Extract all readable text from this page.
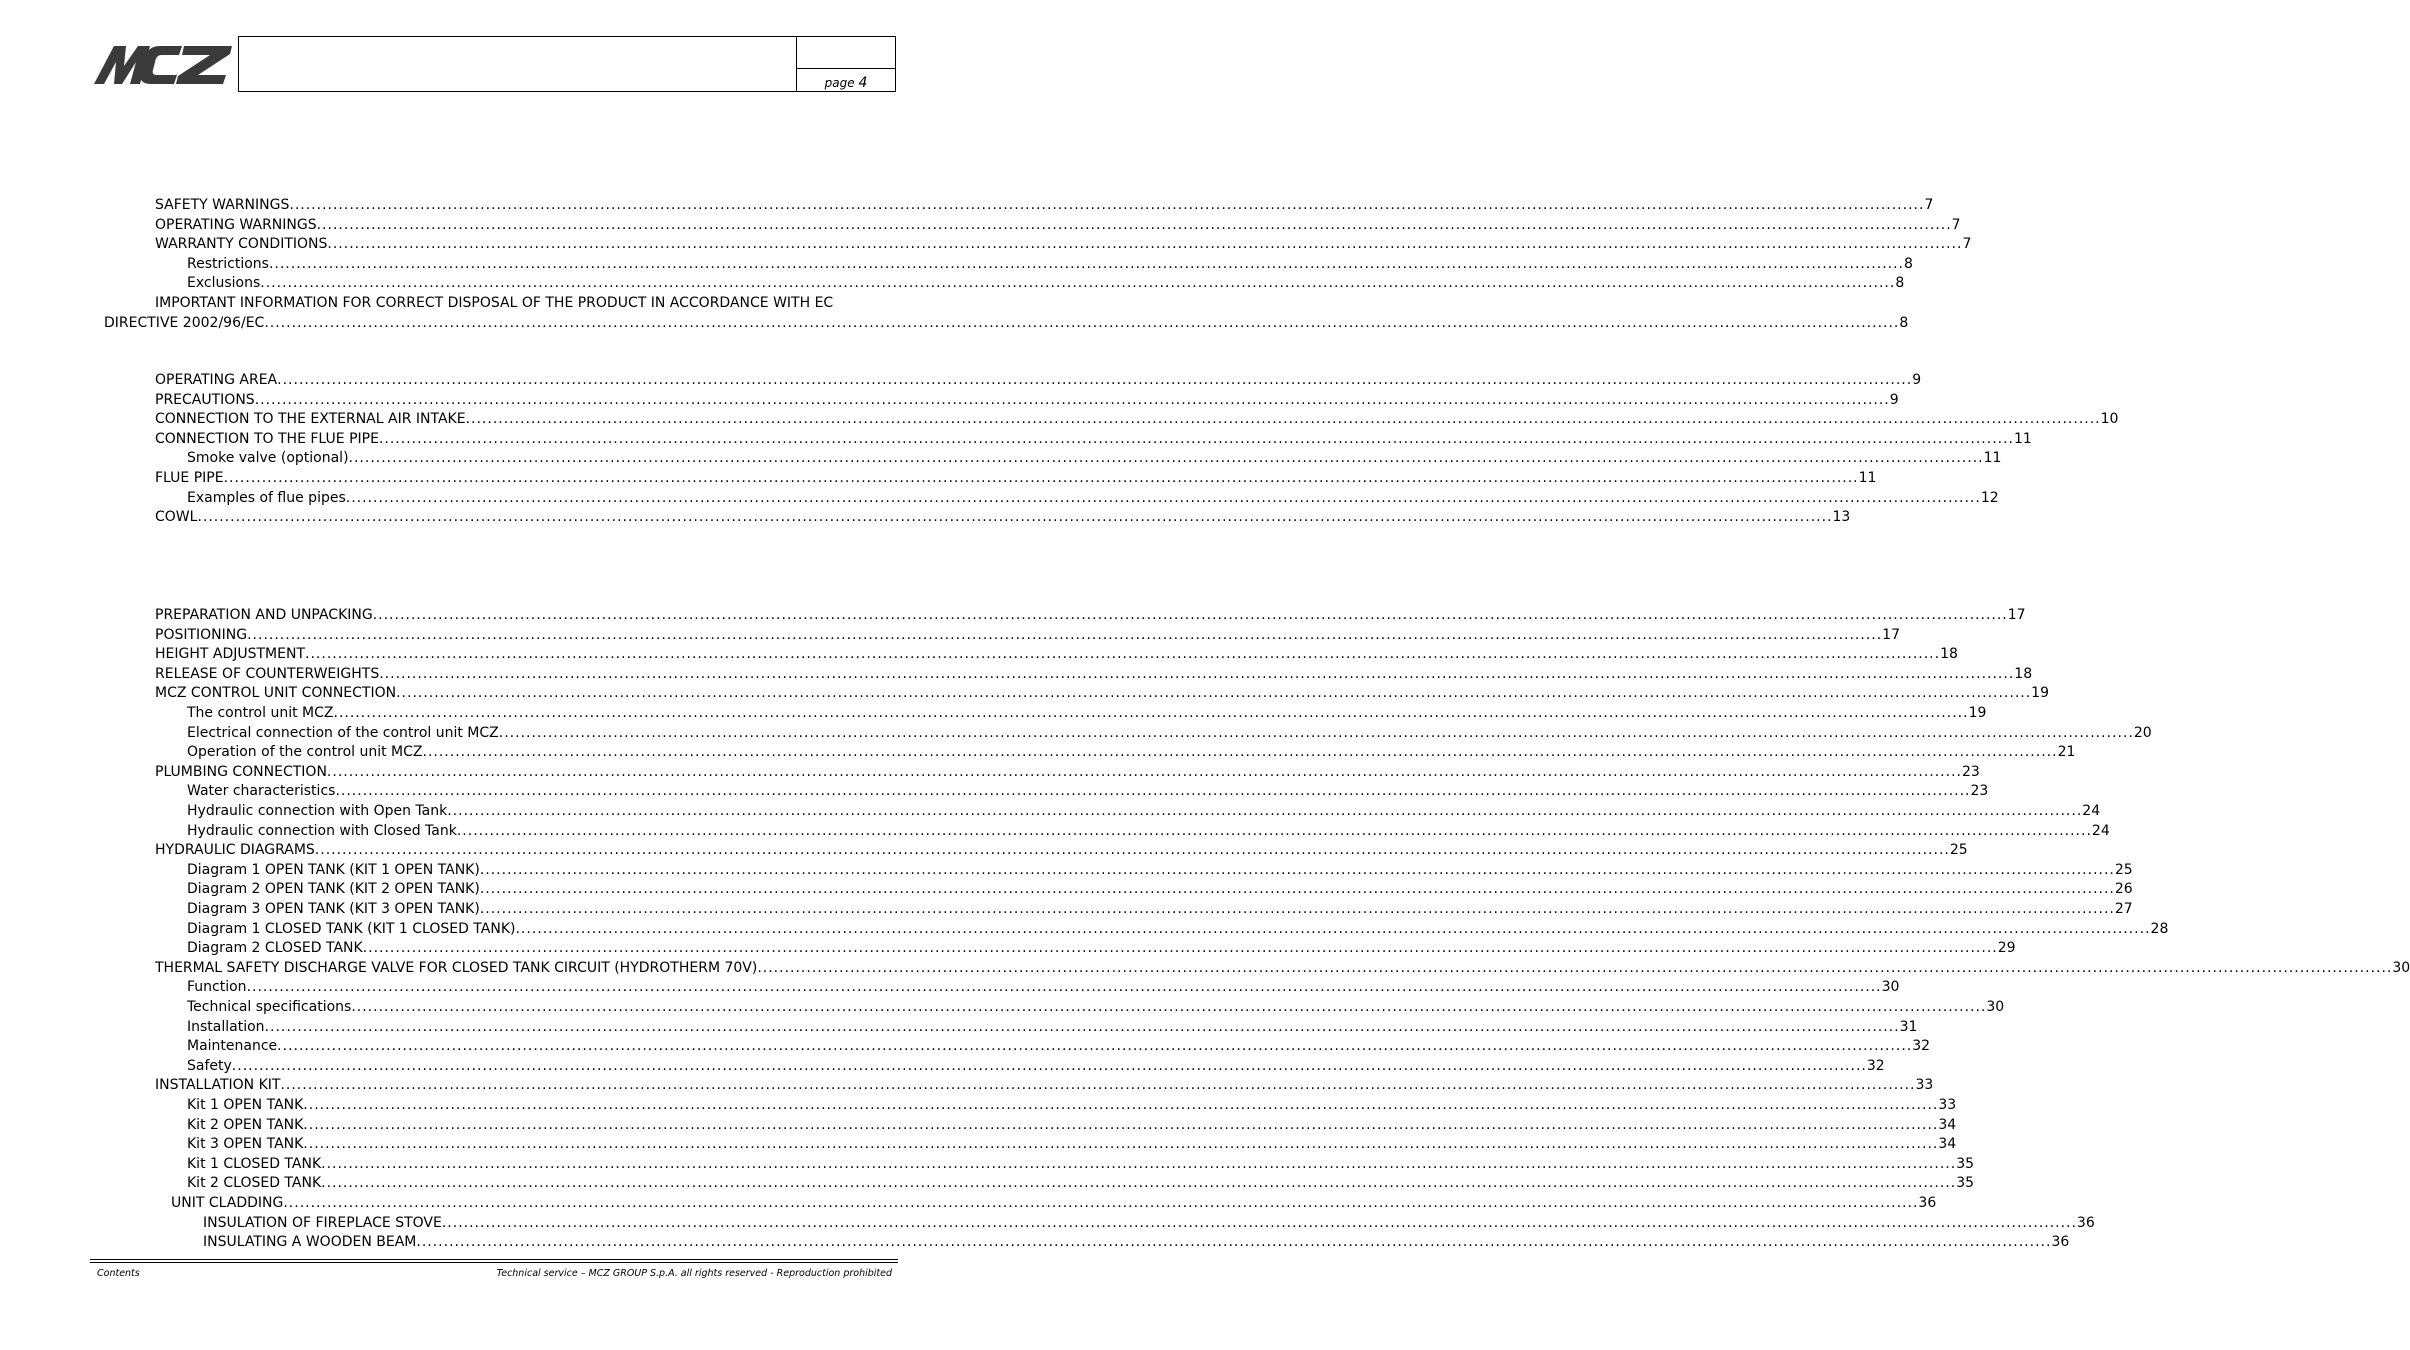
page 4
SAFETY WARNINGS ............................................................................................................................................................................................................................................................................................................ 7
OPERATING WARNINGS ............................................................................................................................................................................................................................................................................................................ 7
WARRANTY CONDITIONS ............................................................................................................................................................................................................................................................................................................ 7
Restrictions ............................................................................................................................................................................................................................................................................................................ 8
Exclusions ............................................................................................................................................................................................................................................................................................................ 8
IMPORTANT INFORMATION FOR CORRECT DISPOSAL OF THE PRODUCT IN ACCORDANCE WITH EC
DIRECTIVE 2002/96/EC ............................................................................................................................................................................................................................................................................................................ 8
OPERATING AREA ............................................................................................................................................................................................................................................................................................................ 9
PRECAUTIONS ............................................................................................................................................................................................................................................................................................................ 9
CONNECTION TO THE EXTERNAL AIR INTAKE ............................................................................................................................................................................................................................................................................................................ 10
CONNECTION TO THE FLUE PIPE ............................................................................................................................................................................................................................................................................................................ 11
Smoke valve (optional) ............................................................................................................................................................................................................................................................................................................ 11
FLUE PIPE ............................................................................................................................................................................................................................................................................................................ 11
Examples of flue pipes ............................................................................................................................................................................................................................................................................................................ 12
COWL ............................................................................................................................................................................................................................................................................................................ 13
PREPARATION AND UNPACKING ............................................................................................................................................................................................................................................................................................................ 17
POSITIONING ............................................................................................................................................................................................................................................................................................................ 17
HEIGHT ADJUSTMENT ............................................................................................................................................................................................................................................................................................................ 18
RELEASE OF COUNTERWEIGHTS ............................................................................................................................................................................................................................................................................................................ 18
MCZ CONTROL UNIT CONNECTION ............................................................................................................................................................................................................................................................................................................ 19
The control unit MCZ ............................................................................................................................................................................................................................................................................................................ 19
Electrical connection of the control unit MCZ ............................................................................................................................................................................................................................................................................................................ 20
Operation of the control unit MCZ ............................................................................................................................................................................................................................................................................................................ 21
PLUMBING CONNECTION ............................................................................................................................................................................................................................................................................................................ 23
Water characteristics ............................................................................................................................................................................................................................................................................................................ 23
Hydraulic connection with Open Tank ............................................................................................................................................................................................................................................................................................................ 24
Hydraulic connection with Closed Tank ............................................................................................................................................................................................................................................................................................................ 24
HYDRAULIC DIAGRAMS ............................................................................................................................................................................................................................................................................................................ 25
Diagram 1 OPEN TANK (KIT 1 OPEN TANK) ............................................................................................................................................................................................................................................................................................................ 25
Diagram 2 OPEN TANK (KIT 2 OPEN TANK) ............................................................................................................................................................................................................................................................................................................ 26
Diagram 3 OPEN TANK (KIT 3 OPEN TANK) ............................................................................................................................................................................................................................................................................................................ 27
Diagram 1 CLOSED TANK (KIT 1 CLOSED TANK) ............................................................................................................................................................................................................................................................................................................ 28
Diagram 2 CLOSED TANK ............................................................................................................................................................................................................................................................................................................ 29
THERMAL SAFETY DISCHARGE VALVE FOR CLOSED TANK CIRCUIT (HYDROTHERM 70V) ............................................................................................................................................................................................................................................................................................................ 30
Function ............................................................................................................................................................................................................................................................................................................ 30
Technical specifications ............................................................................................................................................................................................................................................................................................................ 30
Installation ............................................................................................................................................................................................................................................................................................................ 31
Maintenance ............................................................................................................................................................................................................................................................................................................ 32
Safety ............................................................................................................................................................................................................................................................................................................ 32
INSTALLATION KIT ............................................................................................................................................................................................................................................................................................................ 33
Kit 1 OPEN TANK ............................................................................................................................................................................................................................................................................................................ 33
Kit 2 OPEN TANK ............................................................................................................................................................................................................................................................................................................ 34
Kit 3 OPEN TANK ............................................................................................................................................................................................................................................................................................................ 34
Kit 1 CLOSED TANK ............................................................................................................................................................................................................................................................................................................ 35
Kit 2 CLOSED TANK ............................................................................................................................................................................................................................................................................................................ 35
UNIT CLADDING ............................................................................................................................................................................................................................................................................................................ 36
INSULATION OF FIREPLACE STOVE ............................................................................................................................................................................................................................................................................................................ 36
INSULATING A WOODEN BEAM ............................................................................................................................................................................................................................................................................................................ 36
Contents	Technical service – MCZ GROUP S.p.A. all rights reserved - Reproduction prohibited
